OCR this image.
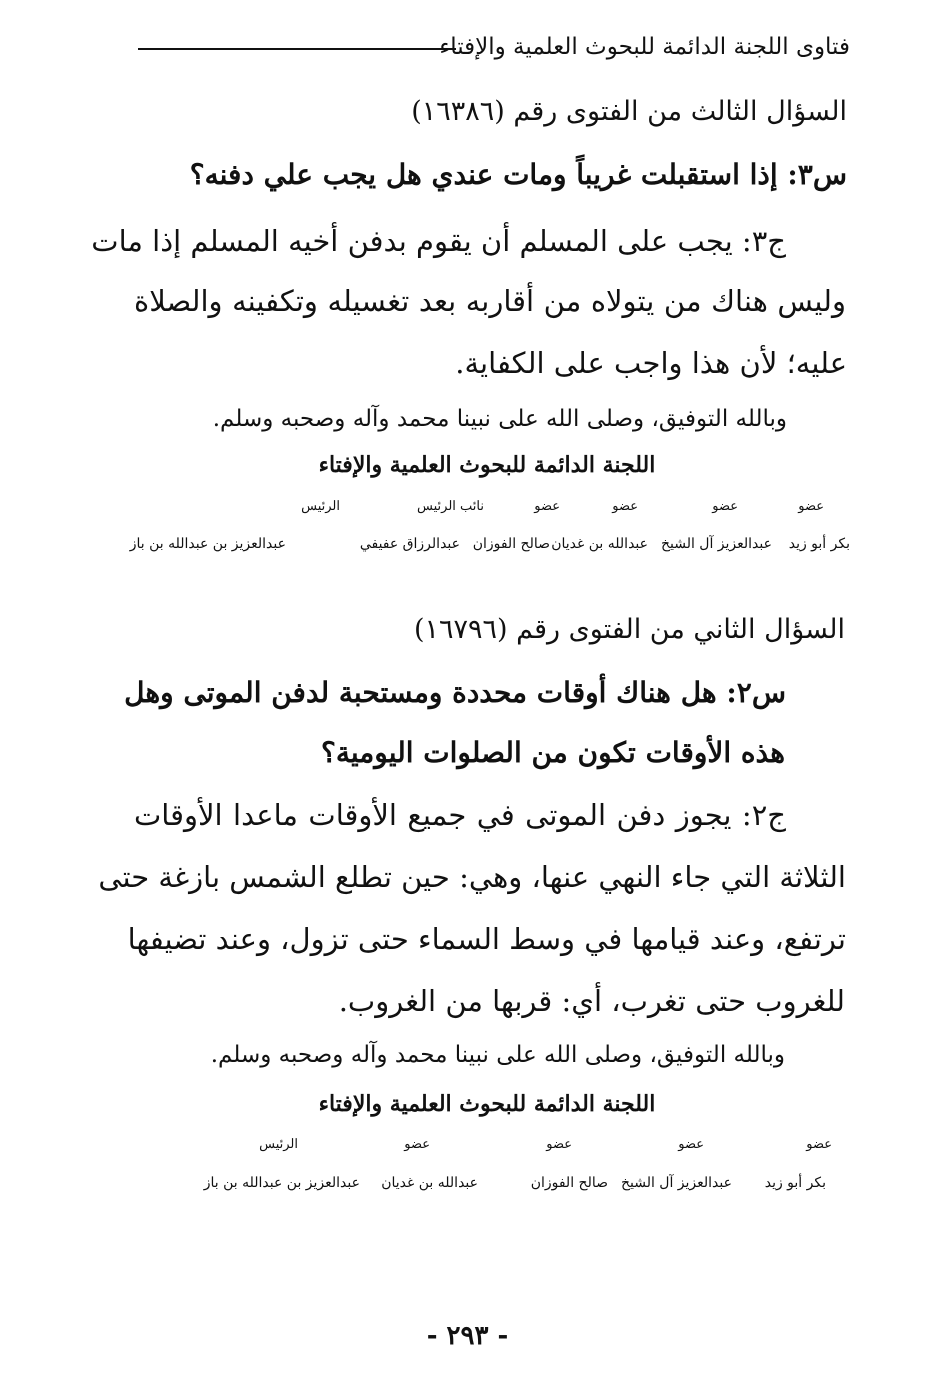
فتاوى اللجنة الدائمة للبحوث العلمية والإفتاء
السؤال الثالث من الفتوى رقم (١٦٣٨٦)
س٣: إذا استقبلت غريباً ومات عندي هل يجب علي دفنه؟
ج٣: يجب على المسلم أن يقوم بدفن أخيه المسلم إذا مات
وليس هناك من يتولاه من أقاربه بعد تغسيله وتكفينه والصلاة
عليه؛ لأن هذا واجب على الكفاية.
وبالله التوفيق، وصلى الله على نبينا محمد وآله وصحبه وسلم.
اللجنة الدائمة للبحوث العلمية والإفتاء
عضو
عضو
عضو
عضو
نائب الرئيس
الرئيس
بكر أبو زيد
عبدالعزيز آل الشيخ
عبدالله بن غديان
صالح الفوزان
عبدالرزاق عفيفي
عبدالعزيز بن عبدالله بن باز
السؤال الثاني من الفتوى رقم (١٦٧٩٦)
س٢: هل هناك أوقات محددة ومستحبة لدفن الموتى وهل
هذه الأوقات تكون من الصلوات اليومية؟
ج٢: يجوز دفن الموتى في جميع الأوقات ماعدا الأوقات
الثلاثة التي جاء النهي عنها، وهي: حين تطلع الشمس بازغة حتى
ترتفع، وعند قيامها في وسط السماء حتى تزول، وعند تضيفها
للغروب حتى تغرب، أي: قربها من الغروب.
وبالله التوفيق، وصلى الله على نبينا محمد وآله وصحبه وسلم.
اللجنة الدائمة للبحوث العلمية والإفتاء
عضو
عضو
عضو
عضو
الرئيس
بكر أبو زيد
عبدالعزيز آل الشيخ
صالح الفوزان
عبدالله بن غديان
عبدالعزيز بن عبدالله بن باز
- ٢٩٣ -
